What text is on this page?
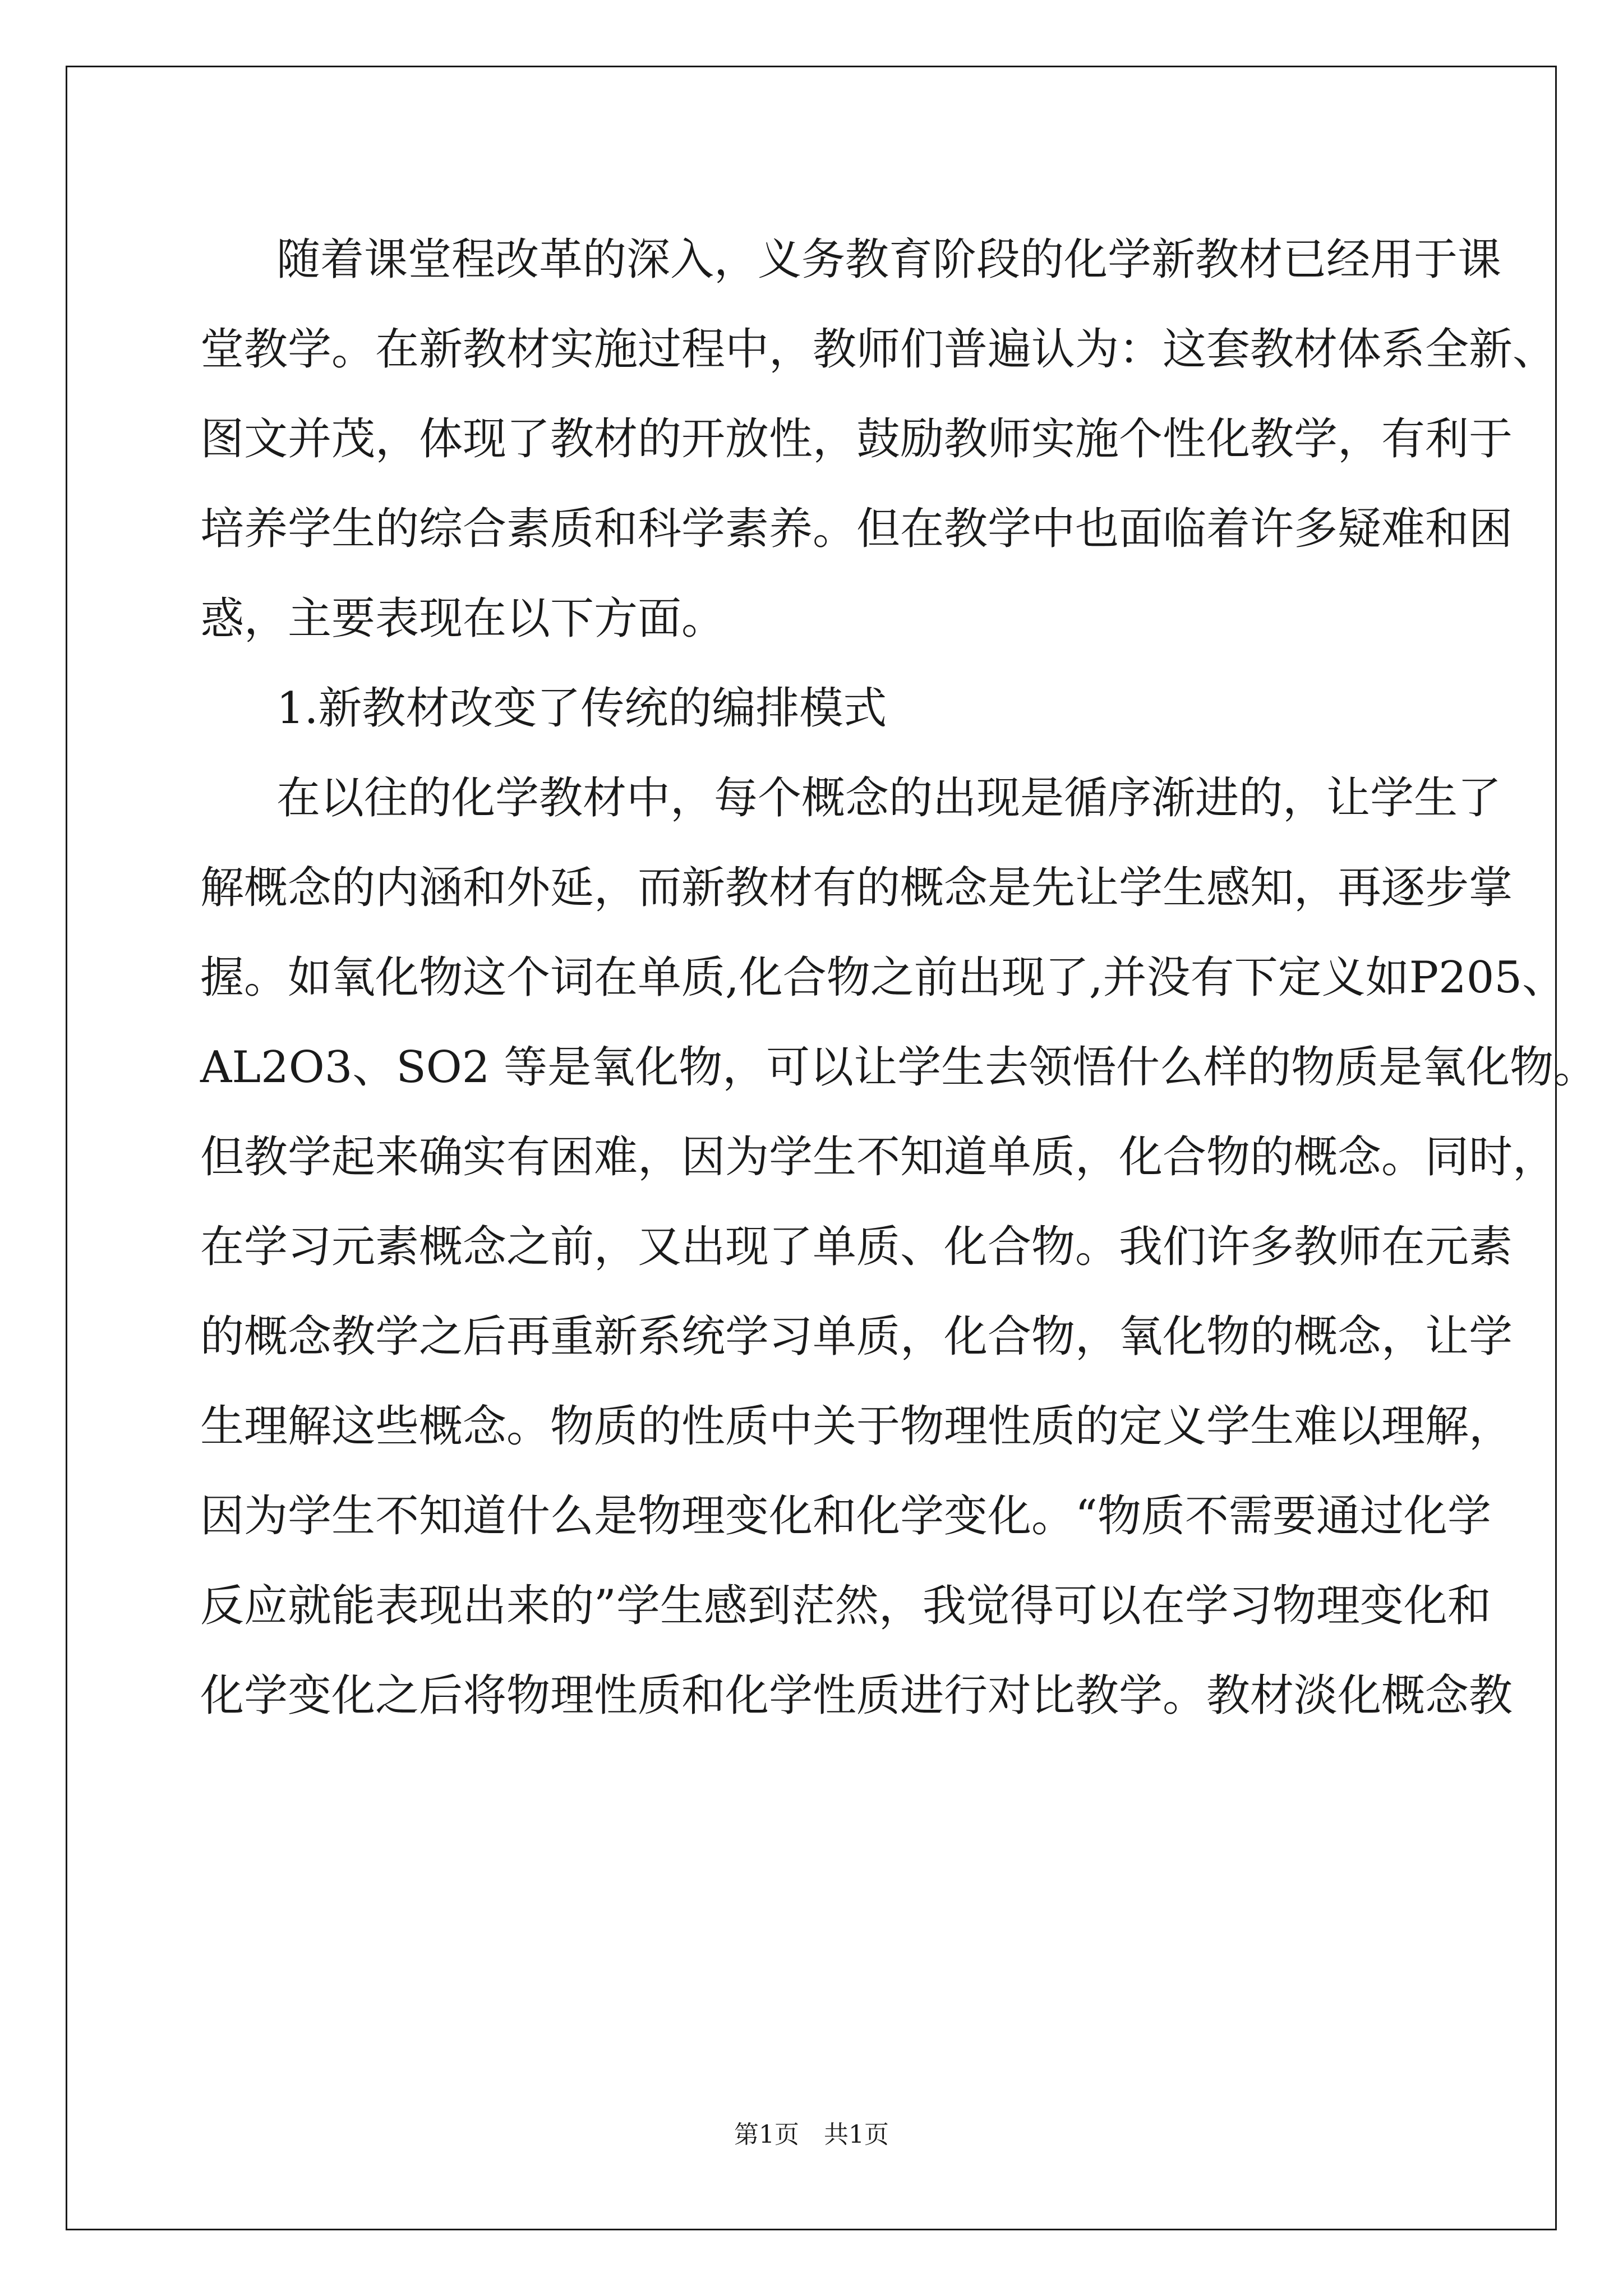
随着课堂程改革的深入，义务教育阶段的化学新教材已经用于课
堂教学。在新教材实施过程中，教师们普遍认为：这套教材体系全新、
图文并茂，体现了教材的开放性，鼓励教师实施个性化教学，有利于
培养学生的综合素质和科学素养。但在教学中也面临着许多疑难和困
惑，主要表现在以下方面。
1.新教材改变了传统的编排模式
在以往的化学教材中，每个概念的出现是循序渐进的，让学生了
解概念的内涵和外延，而新教材有的概念是先让学生感知，再逐步掌
握。如氧化物这个词在单质,化合物之前出现了,并没有下定义如P205、
AL2O3、SO2 等是氧化物，可以让学生去领悟什么样的物质是氧化物。
但教学起来确实有困难，因为学生不知道单质，化合物的概念。同时，
在学习元素概念之前，又出现了单质、化合物。我们许多教师在元素
的概念教学之后再重新系统学习单质，化合物，氧化物的概念，让学
生理解这些概念。物质的性质中关于物理性质的定义学生难以理解，
因为学生不知道什么是物理变化和化学变化。“物质不需要通过化学
反应就能表现出来的”学生感到茫然，我觉得可以在学习物理变化和
化学变化之后将物理性质和化学性质进行对比教学。教材淡化概念教
第1页　共1页
